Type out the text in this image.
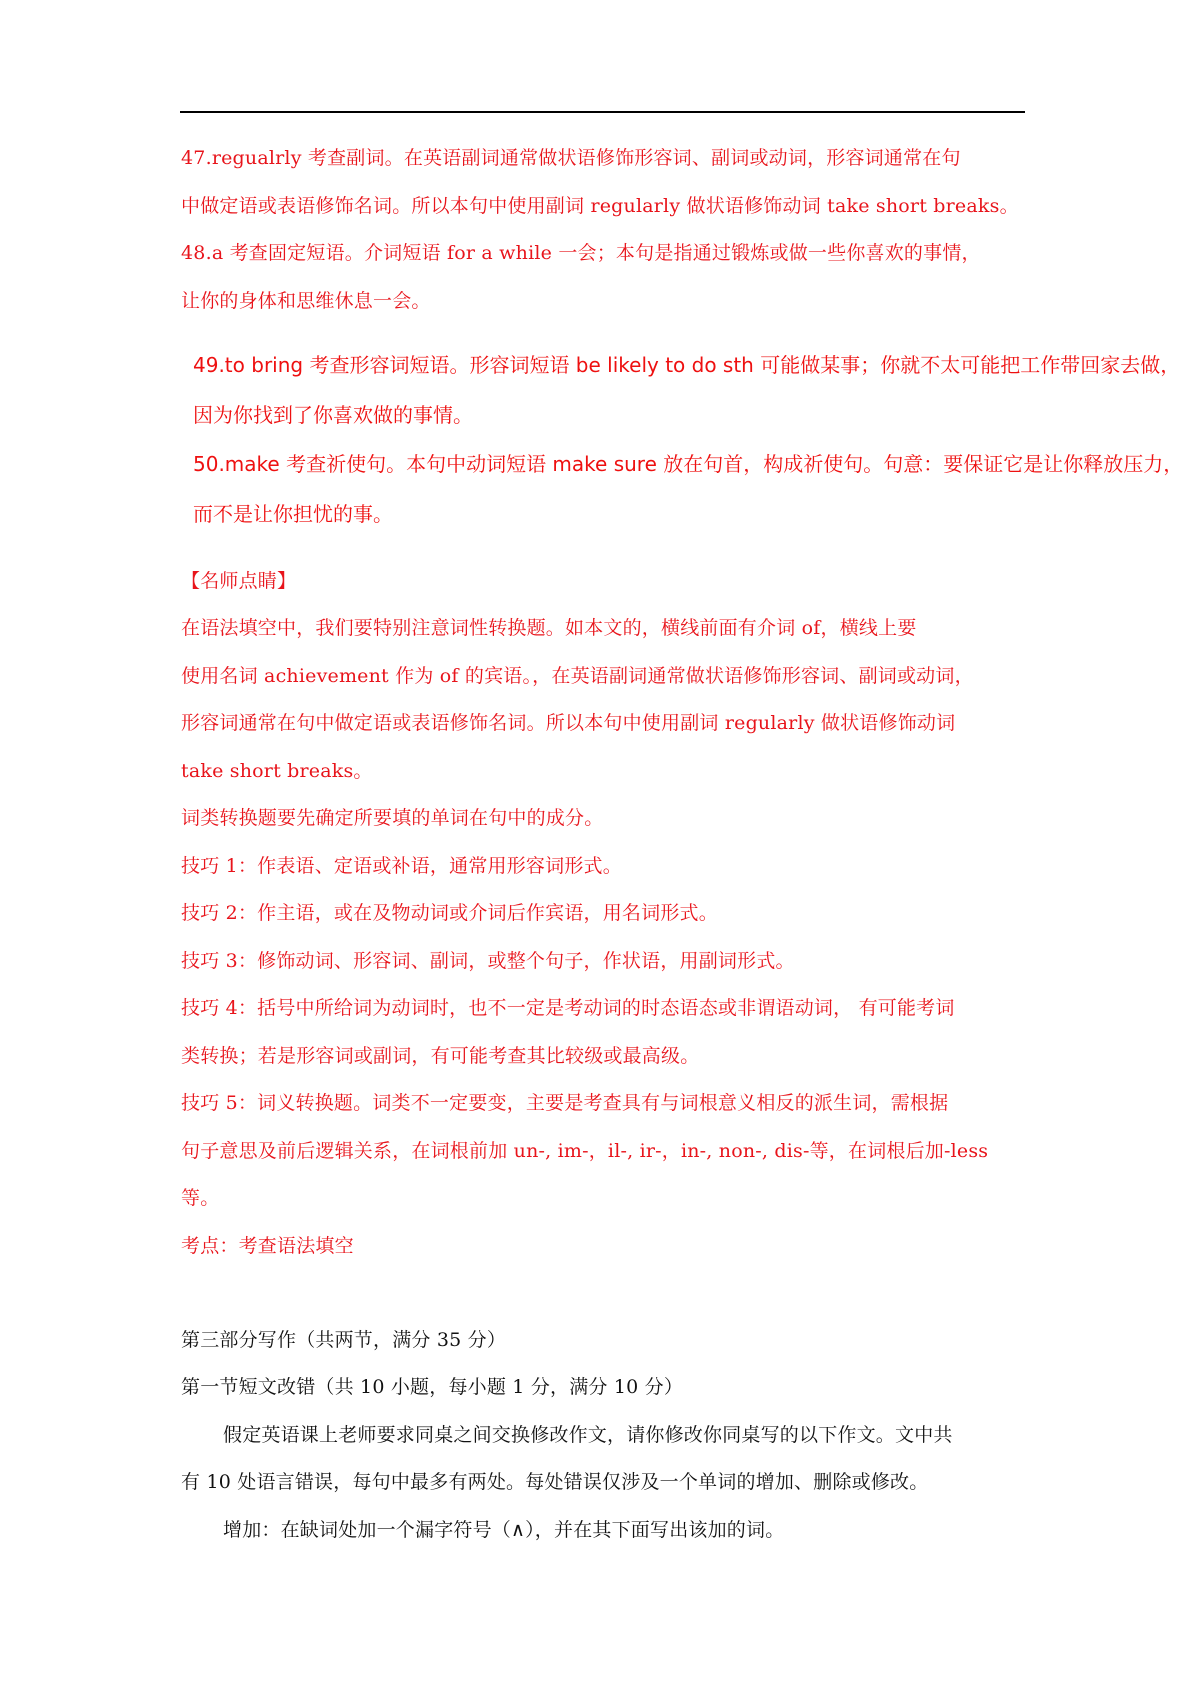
47.regualrly 考查副词。在英语副词通常做状语修饰形容词、副词或动词，形容词通常在句
中做定语或表语修饰名词。所以本句中使用副词 regularly 做状语修饰动词 take short breaks。
48.a 考查固定短语。介词短语 for a while 一会；本句是指通过锻炼或做一些你喜欢的事情，
让你的身体和思维休息一会。
49.to bring 考查形容词短语。形容词短语 be likely to do sth 可能做某事；你就不太可能把工作带回家去做，
因为你找到了你喜欢做的事情。
50.make 考查祈使句。本句中动词短语 make sure 放在句首，构成祈使句。句意：要保证它是让你释放压力，
而不是让你担忧的事。
【名师点睛】
在语法填空中，我们要特别注意词性转换题。如本文的，横线前面有介词 of，横线上要
使用名词 achievement 作为 of 的宾语。，在英语副词通常做状语修饰形容词、副词或动词，
形容词通常在句中做定语或表语修饰名词。所以本句中使用副词 regularly 做状语修饰动词
take short breaks。
词类转换题要先确定所要填的单词在句中的成分。
技巧 1：作表语、定语或补语，通常用形容词形式。
技巧 2：作主语，或在及物动词或介词后作宾语，用名词形式。
技巧 3：修饰动词、形容词、副词，或整个句子，作状语，用副词形式。
技巧 4：括号中所给词为动词时，也不一定是考动词的时态语态或非谓语动词， 有可能考词
类转换；若是形容词或副词，有可能考查其比较级或最高级。
技巧 5：词义转换题。词类不一定要变，主要是考查具有与词根意义相反的派生词，需根据
句子意思及前后逻辑关系，在词根前加 un-, im-，il-, ir-，in-, non-, dis-等，在词根后加-less
等。
考点：考查语法填空
第三部分写作（共两节，满分 35 分）
第一节短文改错（共 10 小题，每小题 1 分，满分 10 分）
假定英语课上老师要求同桌之间交换修改作文，请你修改你同桌写的以下作文。文中共
有 10 处语言错误，每句中最多有两处。每处错误仅涉及一个单词的增加、删除或修改。
增加：在缺词处加一个漏字符号（∧），并在其下面写出该加的词。
